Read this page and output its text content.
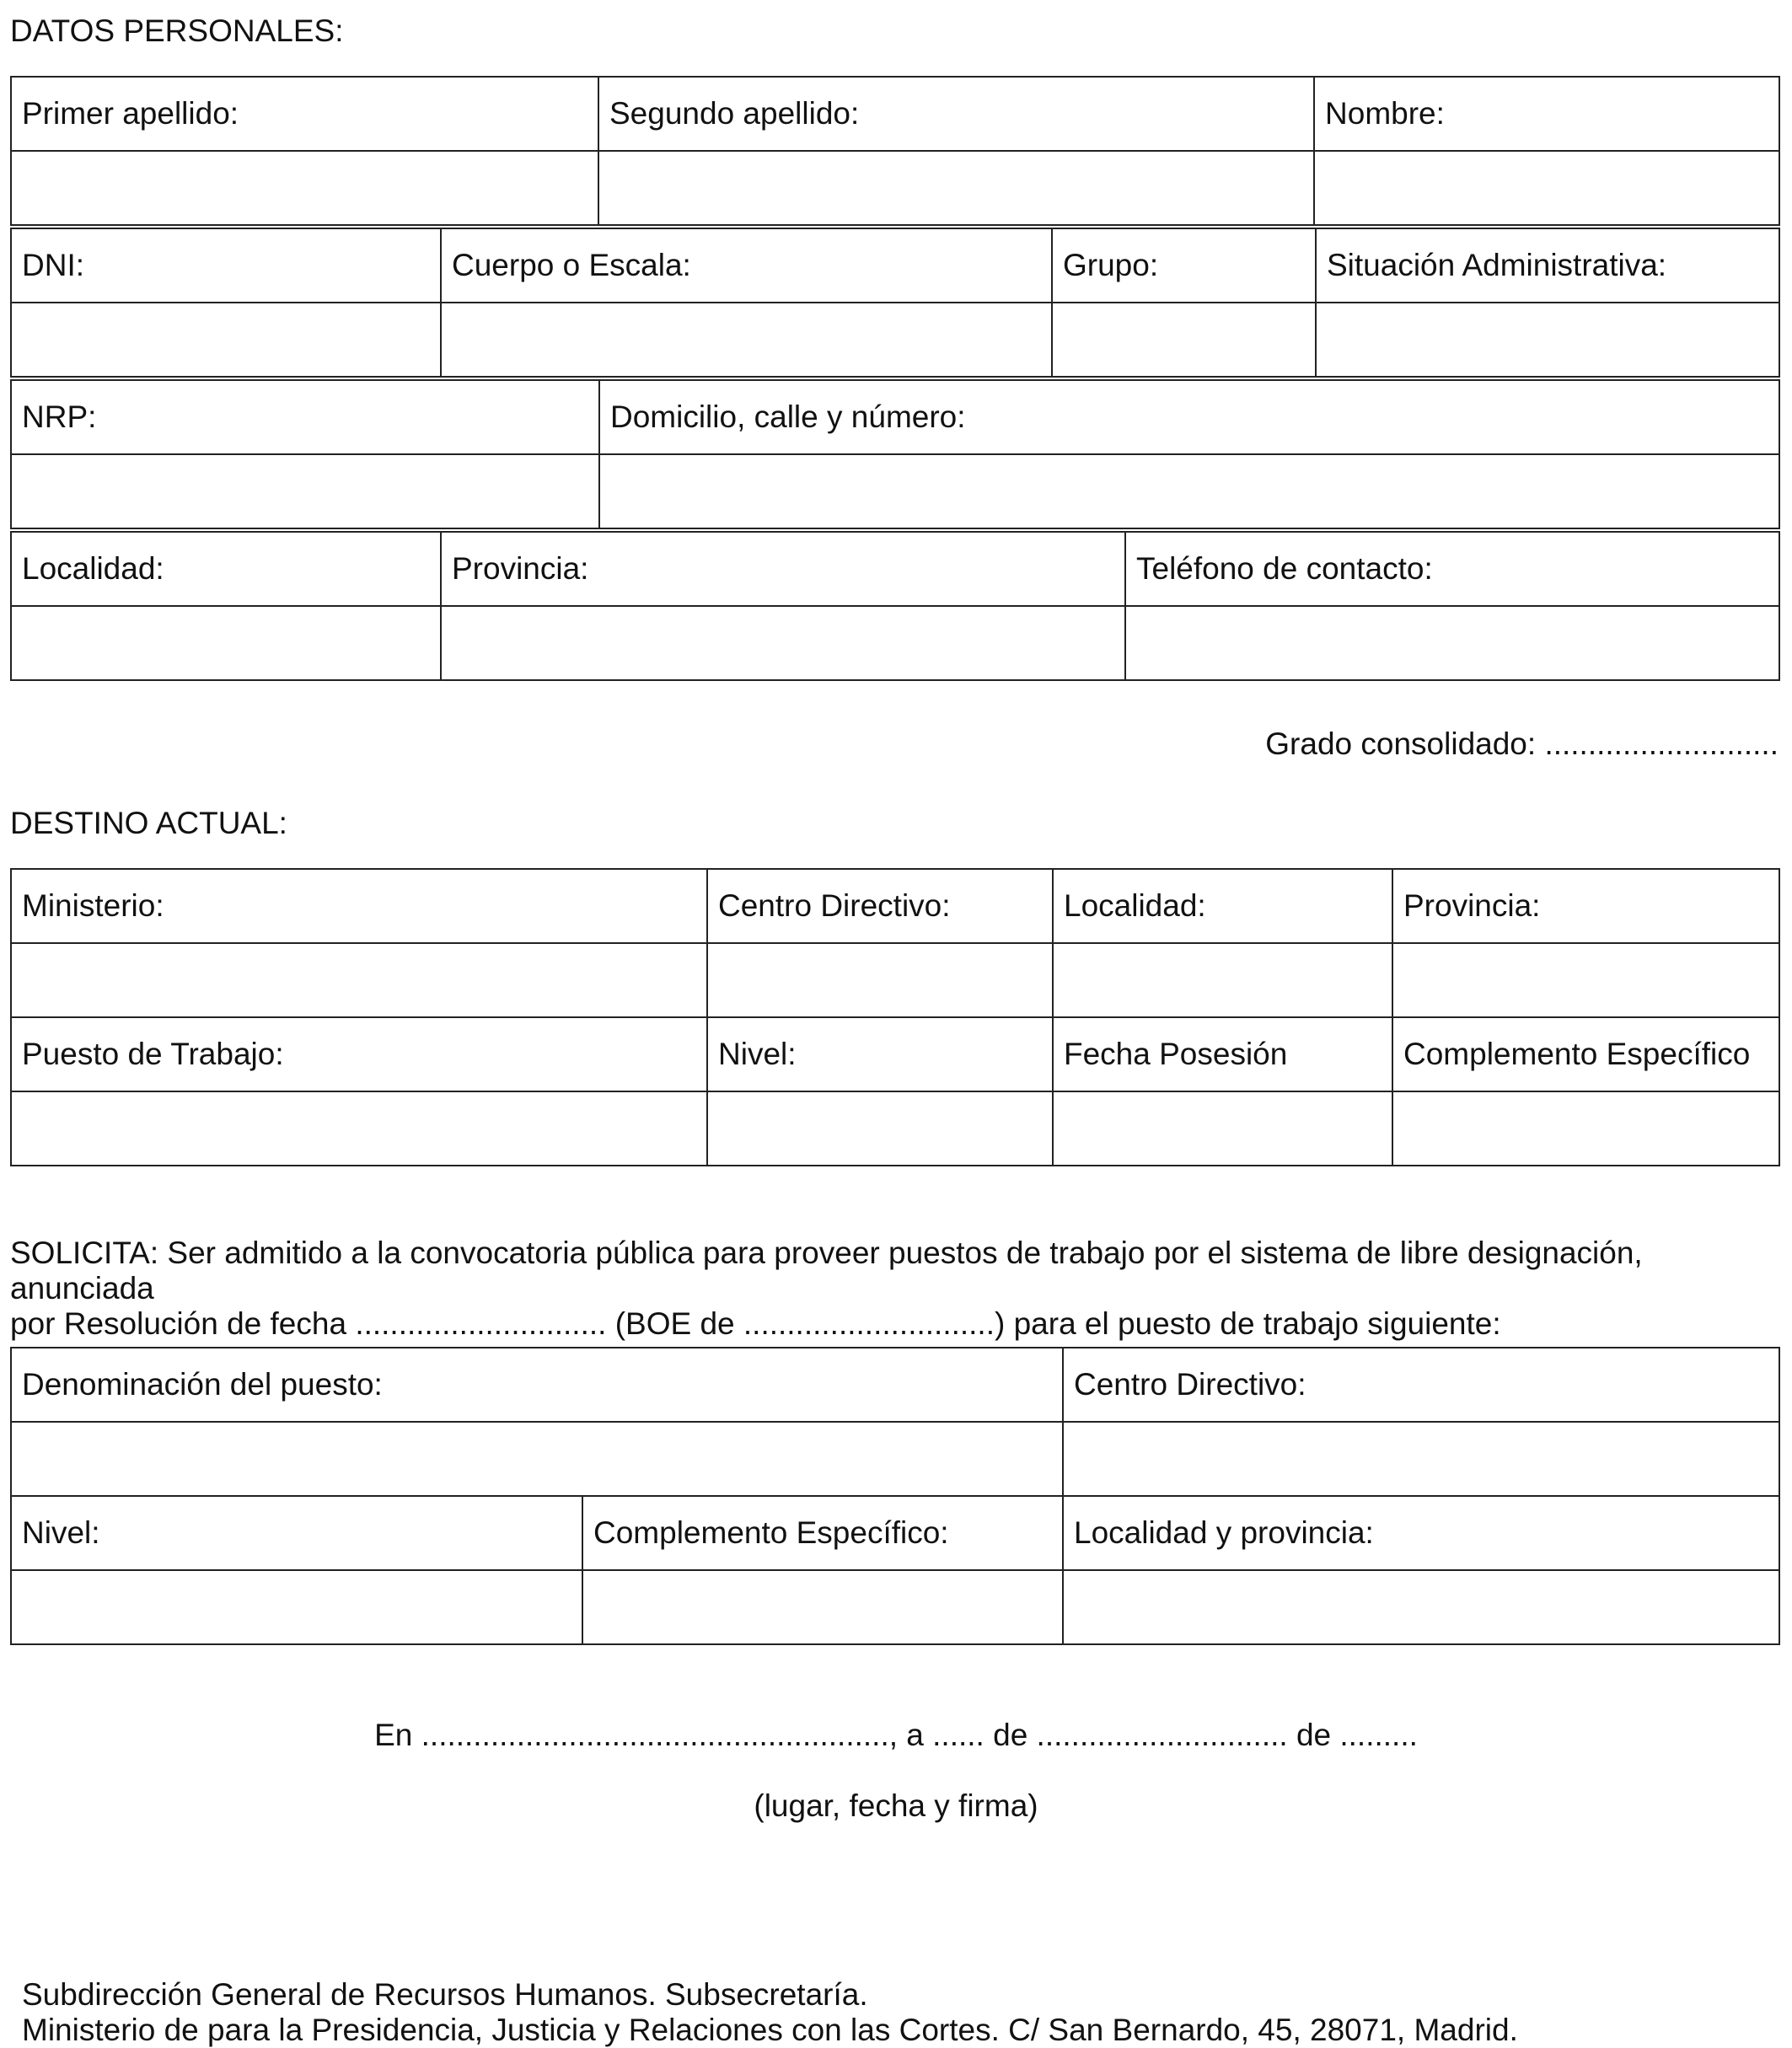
DATOS PERSONALES:
Primer apellido:	Segundo apellido:	Nombre:

DNI:	Cuerpo o Escala:	Grupo:	Situación Administrativa:

NRP:	Domicilio, calle y número:

Localidad:	Provincia:	Teléfono de contacto:

Grado consolidado: ...........................
DESTINO ACTUAL:
Ministerio:	Centro Directivo:	Localidad:	Provincia:

Puesto de Trabajo:	Nivel:	Fecha Posesión	Complemento Específico

SOLICITA: Ser admitido a la convocatoria pública para proveer puestos de trabajo por el sistema de libre designación, anunciada
por Resolución de fecha ............................. (BOE de .............................) para el puesto de trabajo siguiente:
Denominación del puesto:		Centro Directivo:

Nivel:	Complemento Específico:	Localidad y provincia:

En ......................................................, a ...... de ............................. de .........
(lugar, fecha y firma)
Subdirección General de Recursos Humanos. Subsecretaría.
Ministerio de para la Presidencia, Justicia y Relaciones con las Cortes. C/ San Bernardo, 45, 28071, Madrid.
